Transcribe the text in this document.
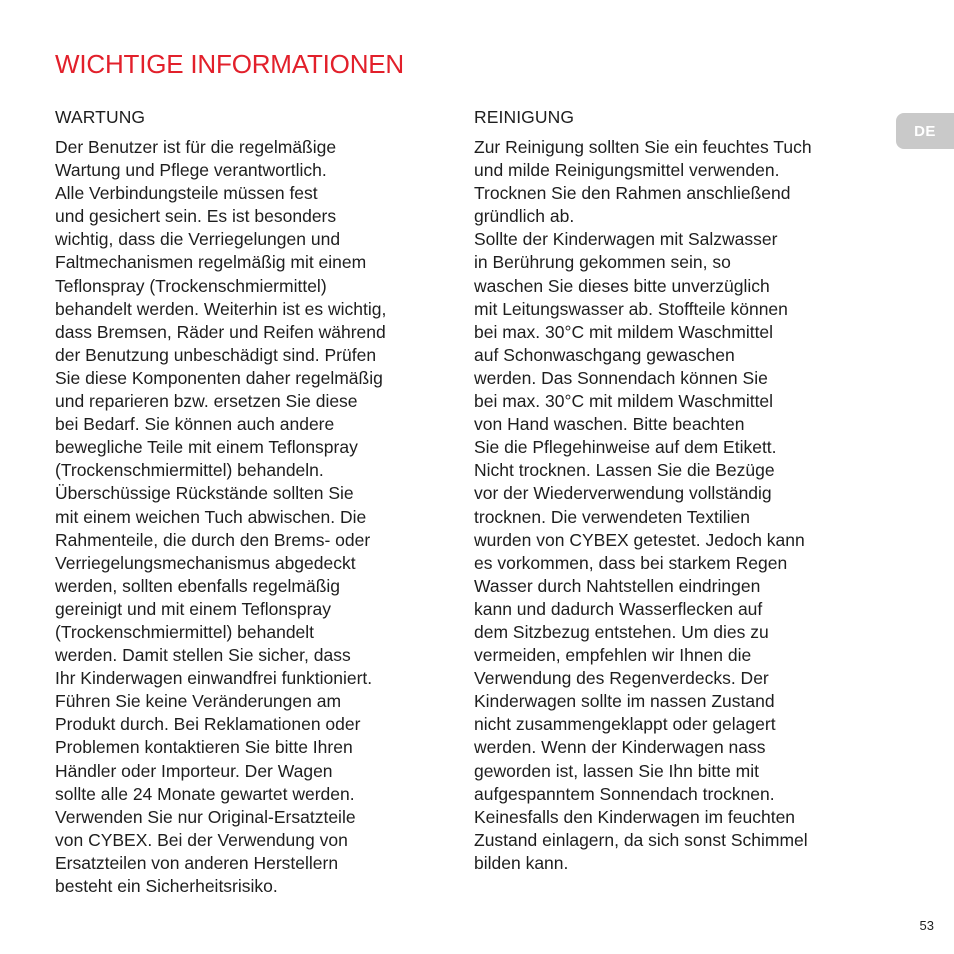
WICHTIGE INFORMATIONEN
DE
WARTUNG
Der Benutzer ist für die regelmäßige
Wartung und Pflege verantwortlich.
Alle Verbindungsteile müssen fest
und gesichert sein. Es ist besonders
wichtig, dass die Verriegelungen und
Faltmechanismen regelmäßig mit einem
Teflonspray (Trockenschmiermittel)
behandelt werden. Weiterhin ist es wichtig,
dass Bremsen, Räder und Reifen während
der Benutzung unbeschädigt sind. Prüfen
Sie diese Komponenten daher regelmäßig
und reparieren bzw. ersetzen Sie diese
bei Bedarf. Sie können auch andere
bewegliche Teile mit einem Teflonspray
(Trockenschmiermittel) behandeln.
Überschüssige Rückstände sollten Sie
mit einem weichen Tuch abwischen. Die
Rahmenteile, die durch den Brems- oder
Verriegelungsmechanismus abgedeckt
werden, sollten ebenfalls regelmäßig
gereinigt und mit einem Teflonspray
(Trockenschmiermittel) behandelt
werden. Damit stellen Sie sicher, dass
Ihr Kinderwagen einwandfrei funktioniert.
Führen Sie keine Veränderungen am
Produkt durch. Bei Reklamationen oder
Problemen kontaktieren Sie bitte Ihren
Händler oder Importeur. Der Wagen
sollte alle 24 Monate gewartet werden.
Verwenden Sie nur Original-Ersatzteile
von CYBEX. Bei der Verwendung von
Ersatzteilen von anderen Herstellern
besteht ein Sicherheitsrisiko.
REINIGUNG
Zur Reinigung sollten Sie ein feuchtes Tuch
und milde Reinigungsmittel verwenden.
Trocknen Sie den Rahmen anschließend
gründlich ab.
Sollte der Kinderwagen mit Salzwasser
in Berührung gekommen sein, so
waschen Sie dieses bitte unverzüglich
mit Leitungswasser ab. Stoffteile können
bei max. 30°C mit mildem Waschmittel
auf Schonwaschgang gewaschen
werden. Das Sonnendach können Sie
bei max. 30°C mit mildem Waschmittel
von Hand waschen. Bitte beachten
Sie die Pflegehinweise auf dem Etikett.
Nicht trocknen. Lassen Sie die Bezüge
vor der Wiederverwendung vollständig
trocknen. Die verwendeten Textilien
wurden von CYBEX getestet. Jedoch kann
es vorkommen, dass bei starkem Regen
Wasser durch Nahtstellen eindringen
kann und dadurch Wasserflecken auf
dem Sitzbezug entstehen. Um dies zu
vermeiden, empfehlen wir Ihnen die
Verwendung des Regenverdecks. Der
Kinderwagen sollte im nassen Zustand
nicht zusammengeklappt oder gelagert
werden. Wenn der Kinderwagen nass
geworden ist, lassen Sie Ihn bitte mit
aufgespanntem Sonnendach trocknen.
Keinesfalls den Kinderwagen im feuchten
Zustand einlagern, da sich sonst Schimmel
bilden kann.
53
